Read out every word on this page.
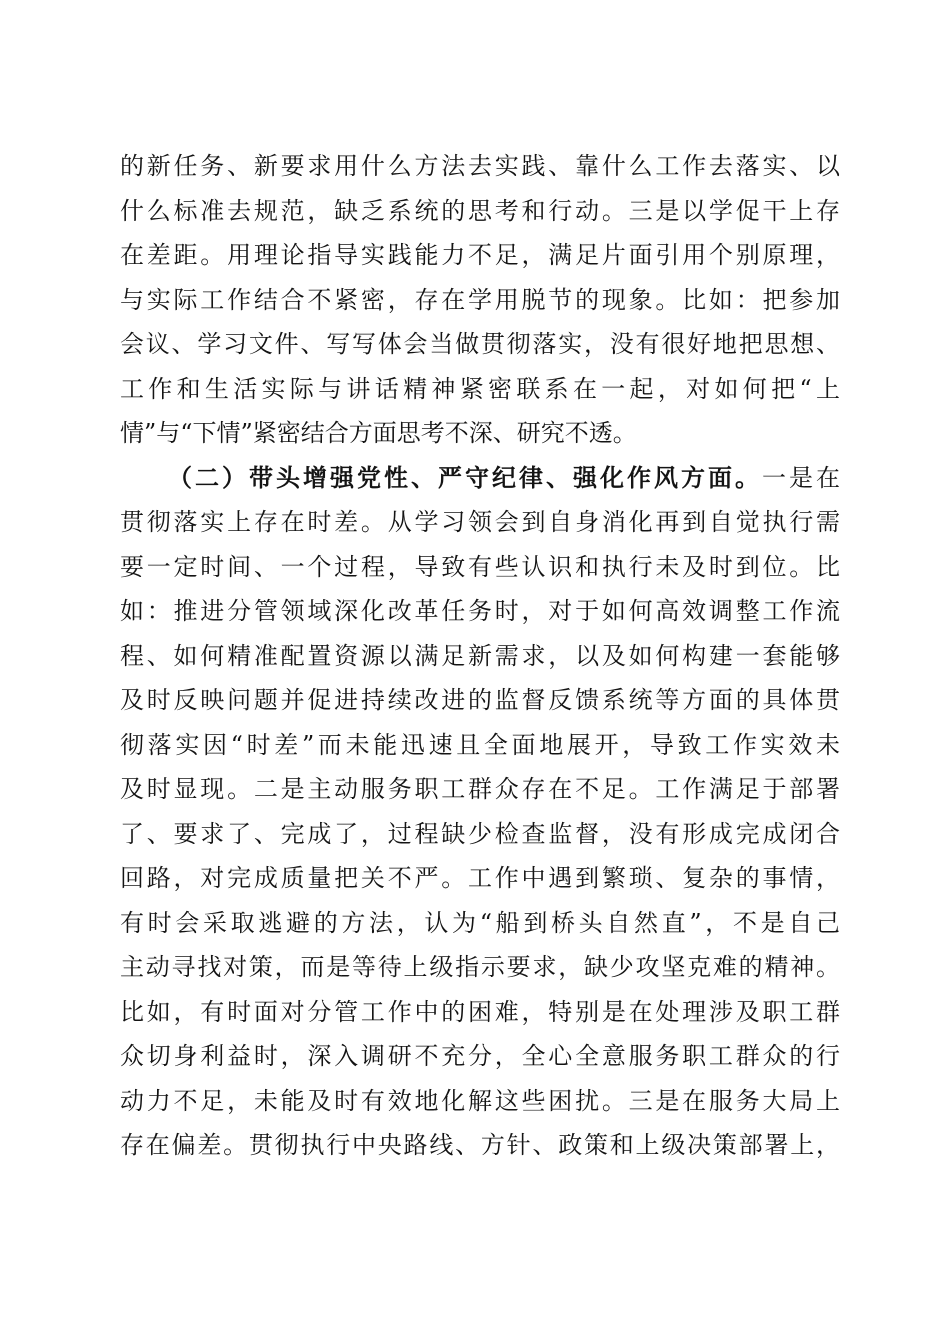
的新任务、新要求用什么方法去实践、靠什么工作去落实、以
什么标准去规范，缺乏系统的思考和行动。三是以学促干上存
在差距。用理论指导实践能力不足，满足片面引用个别原理，
与实际工作结合不紧密，存在学用脱节的现象。比如：把参加
会议、学习文件、写写体会当做贯彻落实，没有很好地把思想、
工作和生活实际与讲话精神紧密联系在一起，对如何把“上
情”与“下情”紧密结合方面思考不深、研究不透。
（二）带头增强党性、严守纪律、强化作风方面。一是在
贯彻落实上存在时差。从学习领会到自身消化再到自觉执行需
要一定时间、一个过程，导致有些认识和执行未及时到位。比
如：推进分管领域深化改革任务时，对于如何高效调整工作流
程、如何精准配置资源以满足新需求，以及如何构建一套能够
及时反映问题并促进持续改进的监督反馈系统等方面的具体贯
彻落实因“时差”而未能迅速且全面地展开，导致工作实效未
及时显现。二是主动服务职工群众存在不足。工作满足于部署
了、要求了、完成了，过程缺少检查监督，没有形成完成闭合
回路，对完成质量把关不严。工作中遇到繁琐、复杂的事情，
有时会采取逃避的方法，认为“船到桥头自然直”，不是自己
主动寻找对策，而是等待上级指示要求，缺少攻坚克难的精神。
比如，有时面对分管工作中的困难，特别是在处理涉及职工群
众切身利益时，深入调研不充分，全心全意服务职工群众的行
动力不足，未能及时有效地化解这些困扰。三是在服务大局上
存在偏差。贯彻执行中央路线、方针、政策和上级决策部署上，
